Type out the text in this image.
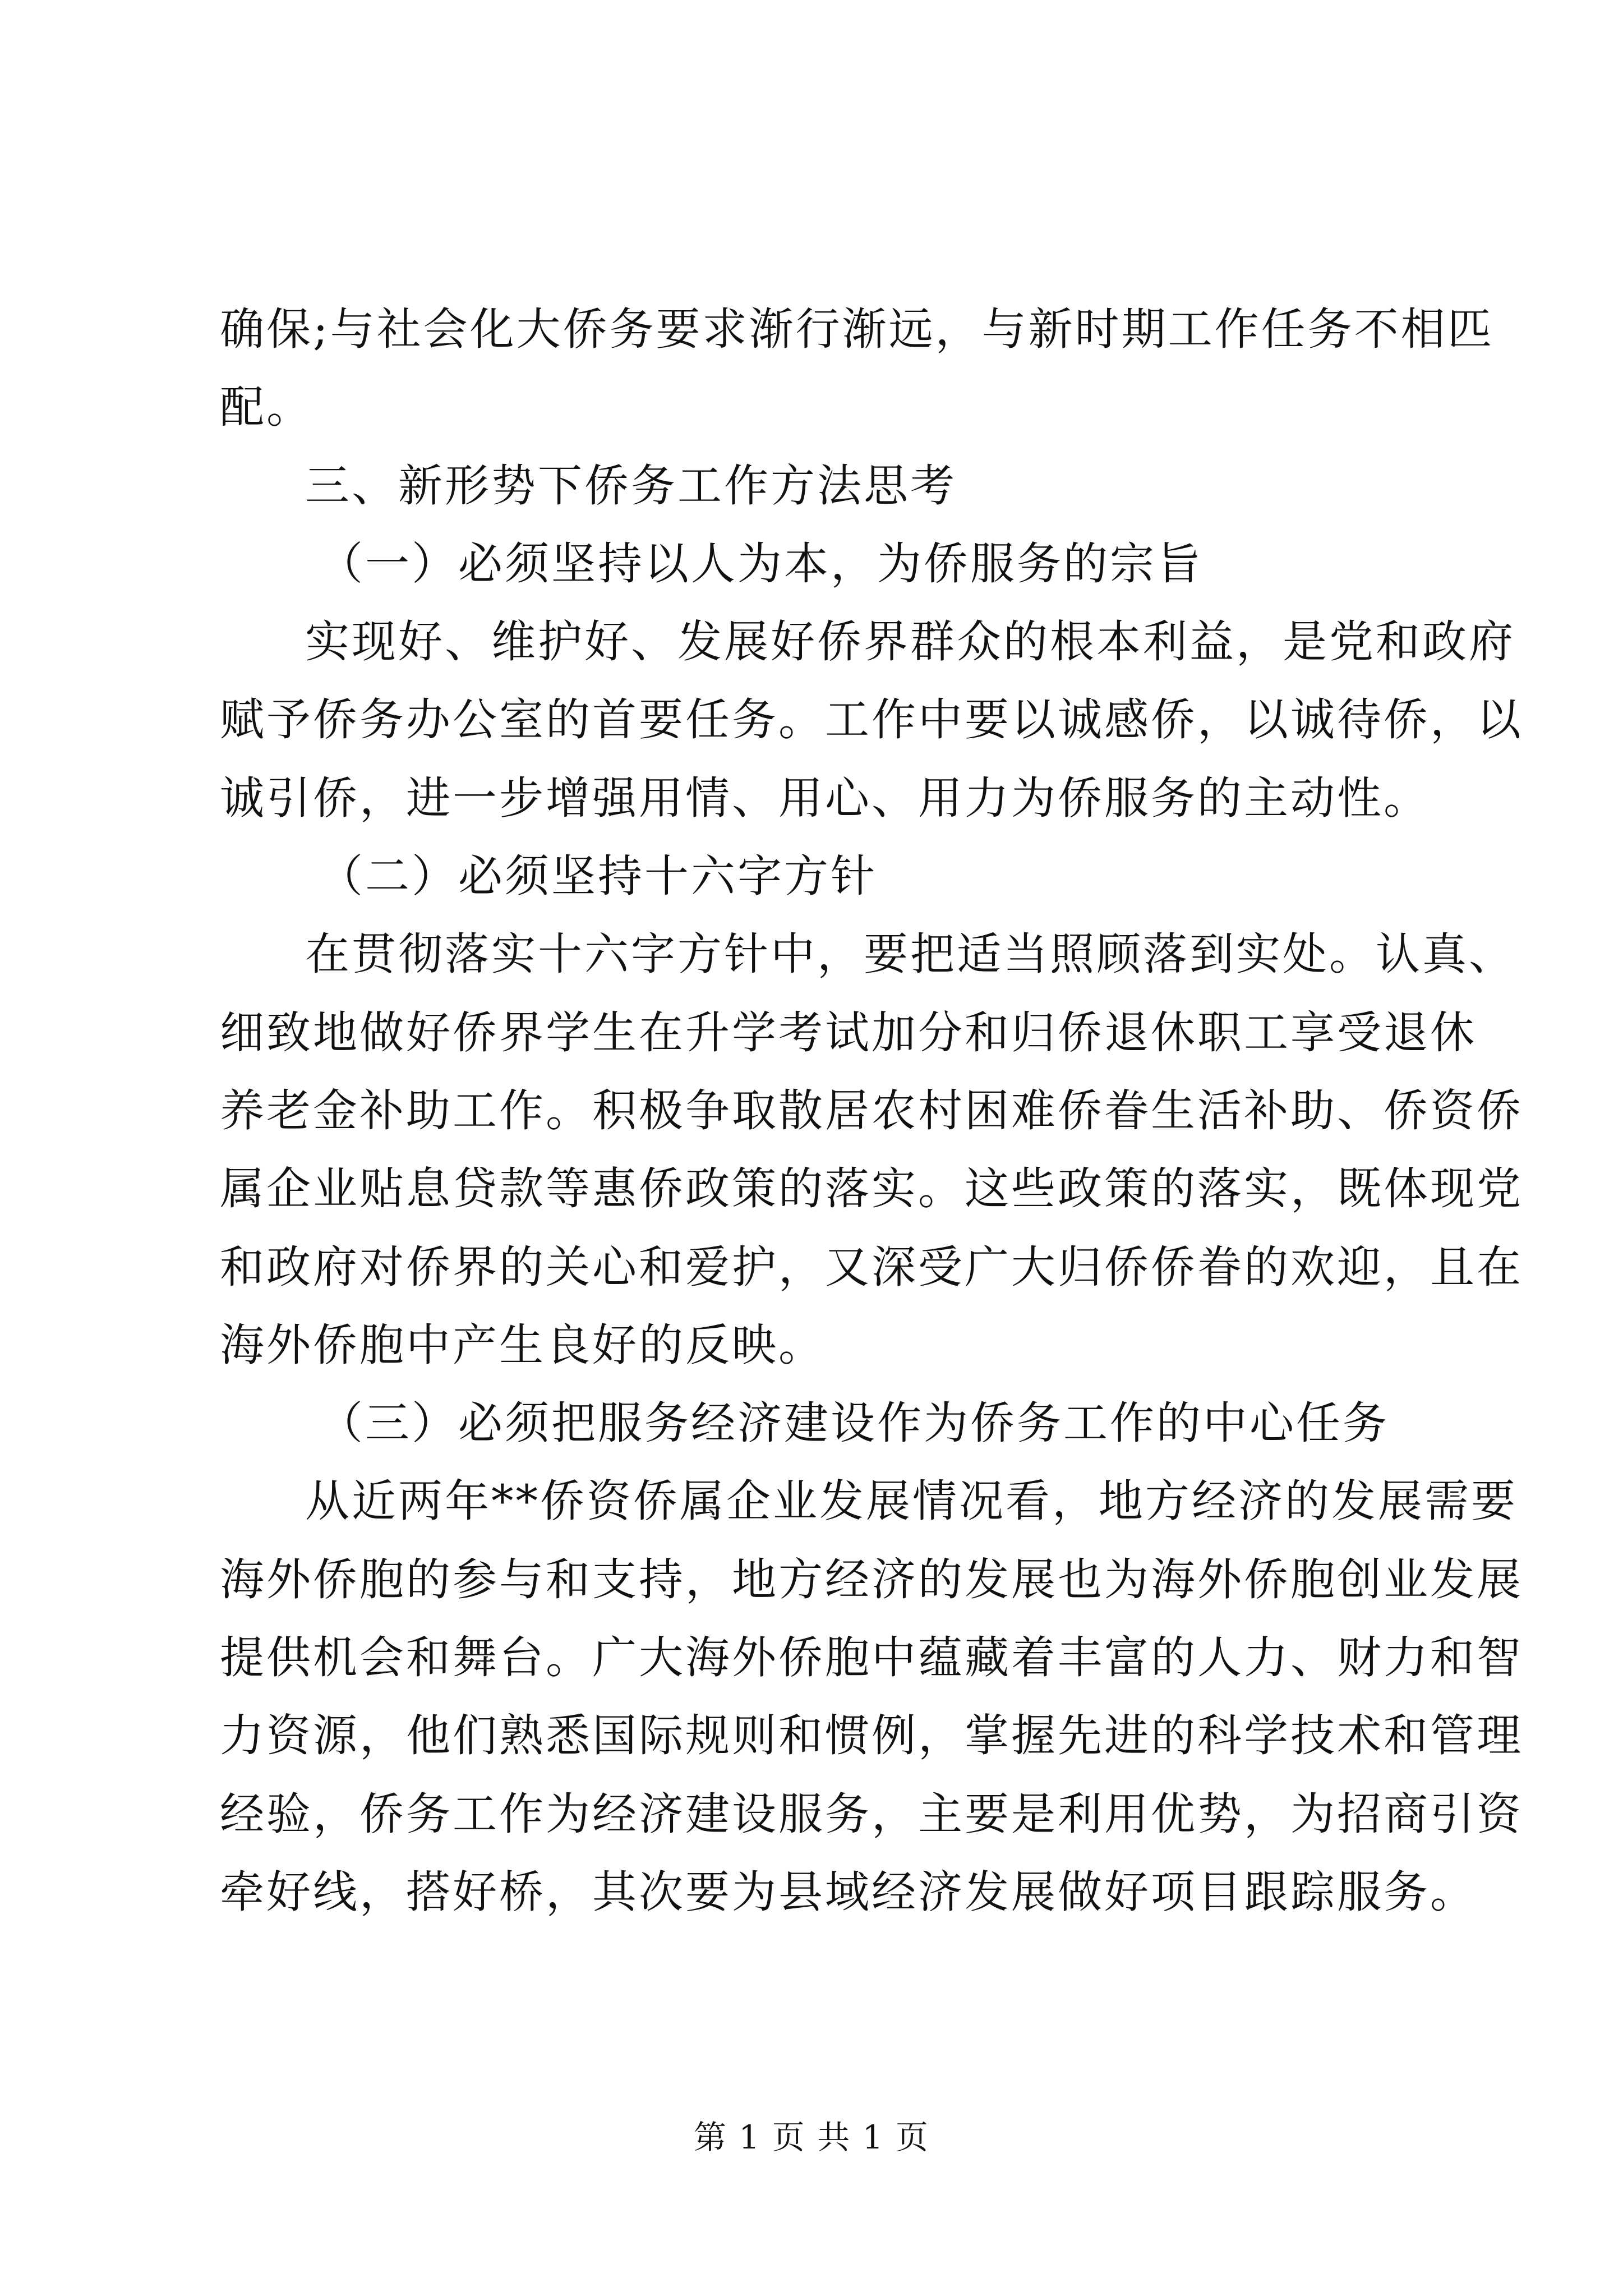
确保;与社会化大侨务要求渐行渐远，与新时期工作任务不相匹
配。
三、新形势下侨务工作方法思考
（一）必须坚持以人为本，为侨服务的宗旨
实现好、维护好、发展好侨界群众的根本利益，是党和政府
赋予侨务办公室的首要任务。工作中要以诚感侨，以诚待侨，以
诚引侨，进一步增强用情、用心、用力为侨服务的主动性。
（二）必须坚持十六字方针
在贯彻落实十六字方针中，要把适当照顾落到实处。认真、
细致地做好侨界学生在升学考试加分和归侨退休职工享受退休
养老金补助工作。积极争取散居农村困难侨眷生活补助、侨资侨
属企业贴息贷款等惠侨政策的落实。这些政策的落实，既体现党
和政府对侨界的关心和爱护，又深受广大归侨侨眷的欢迎，且在
海外侨胞中产生良好的反映。
（三）必须把服务经济建设作为侨务工作的中心任务
从近两年**侨资侨属企业发展情况看，地方经济的发展需要
海外侨胞的参与和支持，地方经济的发展也为海外侨胞创业发展
提供机会和舞台。广大海外侨胞中蕴藏着丰富的人力、财力和智
力资源，他们熟悉国际规则和惯例，掌握先进的科学技术和管理
经验，侨务工作为经济建设服务，主要是利用优势，为招商引资
牵好线，搭好桥，其次要为县域经济发展做好项目跟踪服务。
第 1 页 共 1 页
